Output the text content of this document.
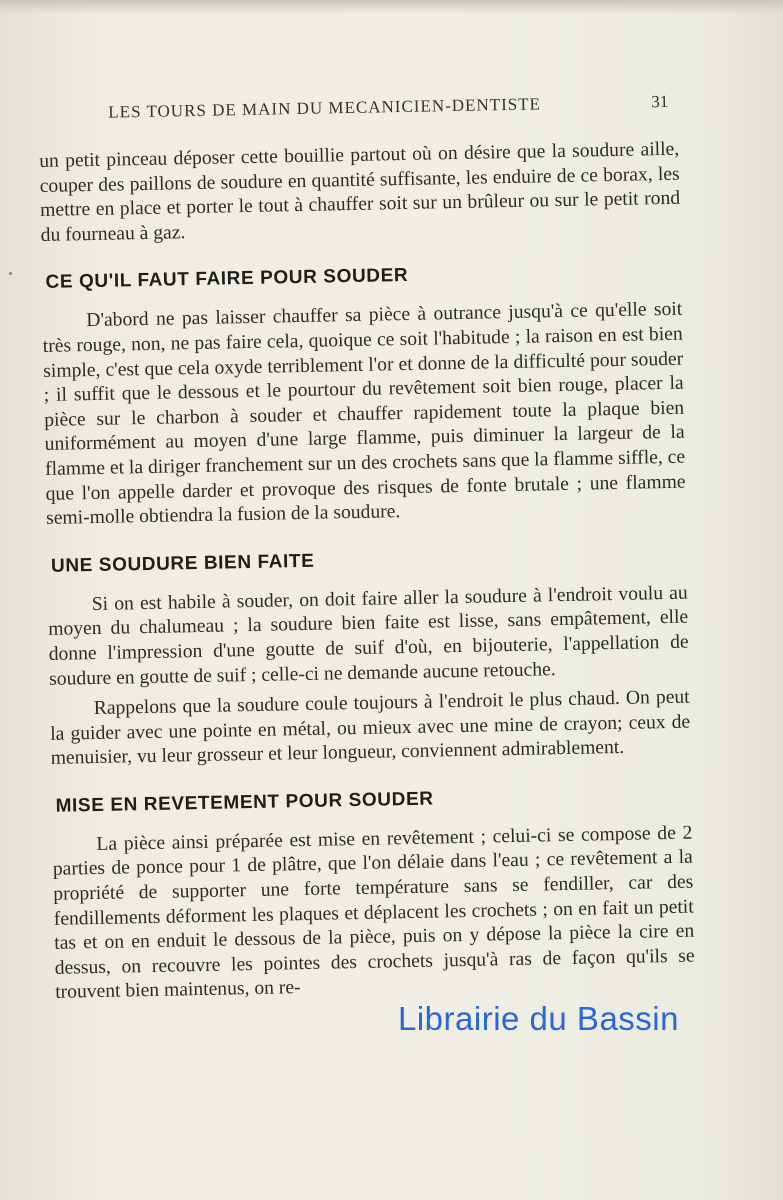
LES TOURS DE MAIN DU MECANICIEN-DENTISTE	31

un petit pinceau déposer cette bouillie partout où on désire que la soudure aille, couper des paillons de soudure en quantité suffisante, les enduire de ce borax, les mettre en place et porter le tout à chauffer soit sur un brûleur ou sur le petit rond du fourneau à gaz.

CE QU'IL FAUT FAIRE POUR SOUDER

D'abord ne pas laisser chauffer sa pièce à outrance jusqu'à ce qu'elle soit très rouge, non, ne pas faire cela, quoique ce soit l'habitude ; la raison en est bien simple, c'est que cela oxyde terriblement l'or et donne de la difficulté pour souder ; il suffit que le dessous et le pourtour du revêtement soit bien rouge, placer la pièce sur le charbon à souder et chauffer rapidement toute la plaque bien uniformément au moyen d'une large flamme, puis diminuer la largeur de la flamme et la diriger franchement sur un des crochets sans que la flamme siffle, ce que l'on appelle darder et provoque des risques de fonte brutale ; une flamme semi-molle obtiendra la fusion de la soudure.

UNE SOUDURE BIEN FAITE

Si on est habile à souder, on doit faire aller la soudure à l'endroit voulu au moyen du chalumeau ; la soudure bien faite est lisse, sans empâtement, elle donne l'impression d'une goutte de suif d'où, en bijouterie, l'appellation de soudure en goutte de suif ; celle-ci ne demande aucune retouche.

Rappelons que la soudure coule toujours à l'endroit le plus chaud. On peut la guider avec une pointe en métal, ou mieux avec une mine de crayon; ceux de menuisier, vu leur grosseur et leur longueur, conviennent admirablement.

MISE EN REVETEMENT POUR SOUDER

La pièce ainsi préparée est mise en revêtement ; celui-ci se compose de 2 parties de ponce pour 1 de plâtre, que l'on délaie dans l'eau ; ce revêtement a la propriété de supporter une forte température sans se fendiller, car des fendillements déforment les plaques et déplacent les crochets ; on en fait un petit tas et on en enduit le dessous de la pièce, puis on y dépose la pièce la cire en dessus, on recouvre les pointes des crochets jusqu'à ras de façon qu'ils se trouvent bien maintenus, on re-

Librairie du Bassin
